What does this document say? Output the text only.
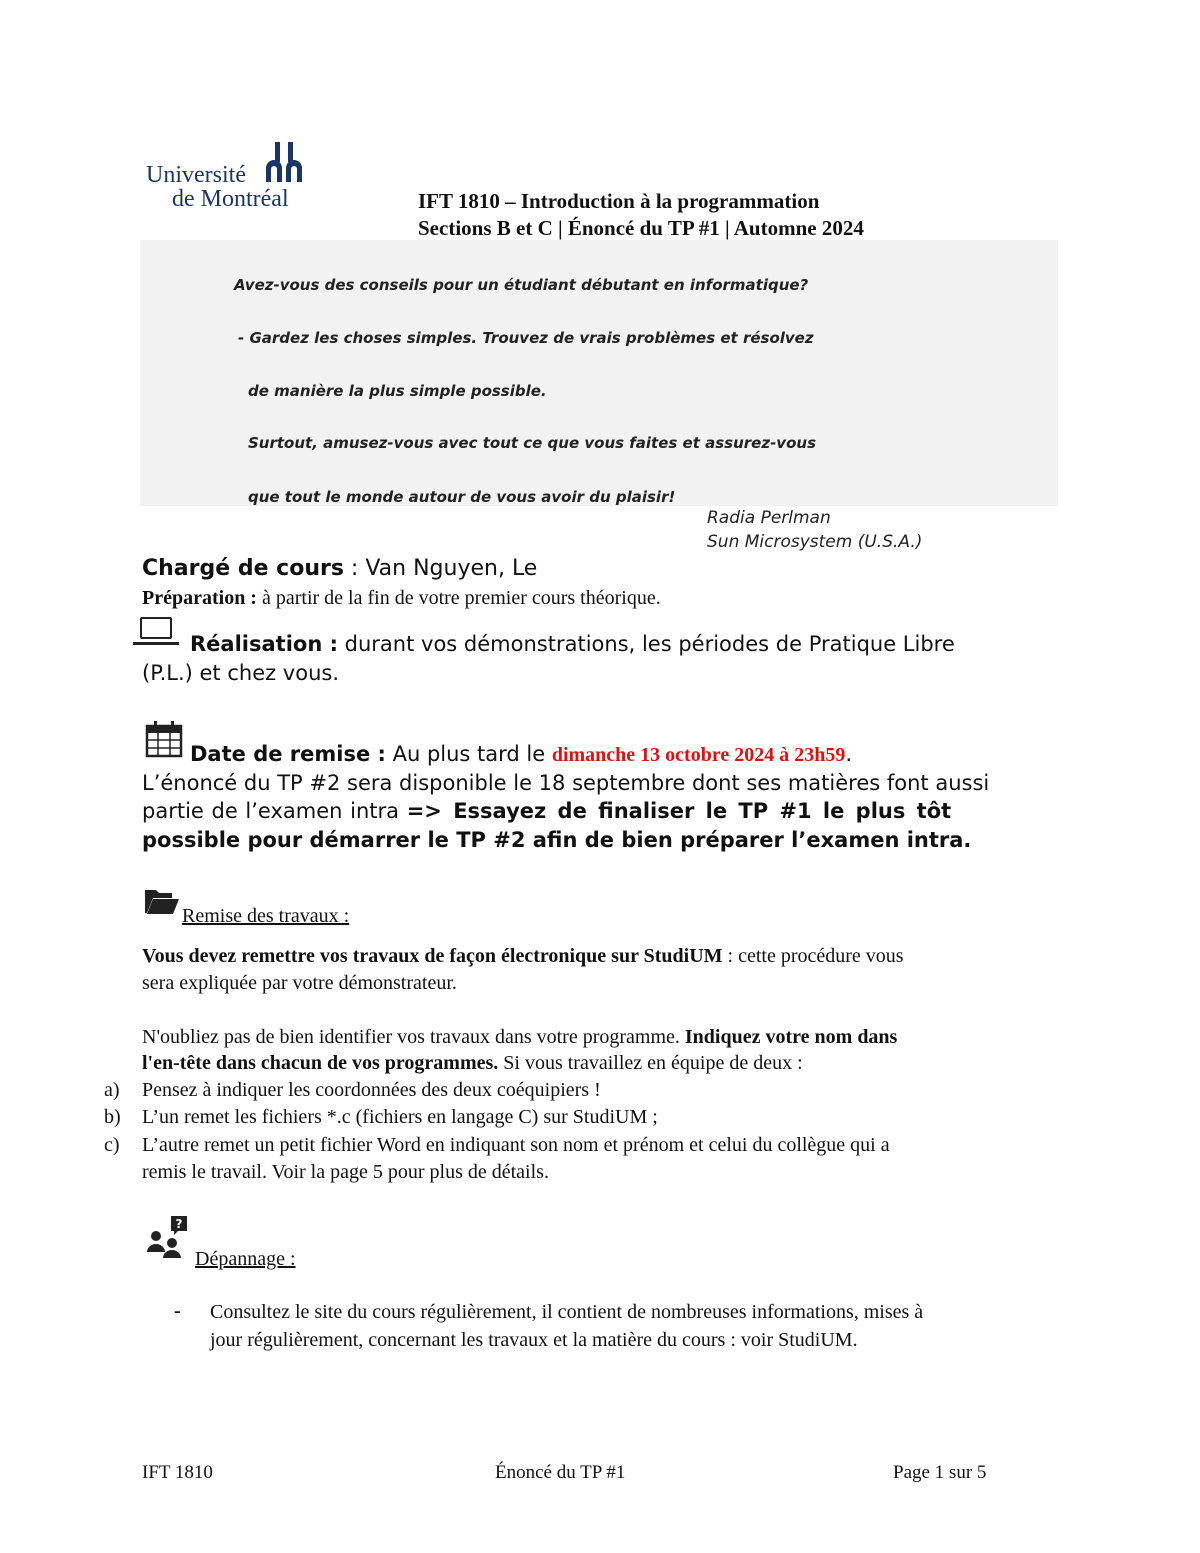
Université
de Montréal	IFT 1810 – Introduction à la programmation
Sections B et C | Énoncé du TP #1 | Automne 2024
Avez-vous des conseils pour un étudiant débutant en informatique?
- Gardez les choses simples. Trouvez de vrais problèmes et résolvez
de manière la plus simple possible.
Surtout, amusez-vous avec tout ce que vous faites et assurez-vous
que tout le monde autour de vous avoir du plaisir!
Radia Perlman
Sun Microsystem (U.S.A.)
Chargé de cours : Van Nguyen, Le
Préparation : à partir de la fin de votre premier cours théorique.
Réalisation : durant vos démonstrations, les périodes de Pratique Libre
(P.L.) et chez vous.
Date de remise : Au plus tard le dimanche 13 octobre 2024 à 23h59.
L’énoncé du TP #2 sera disponible le 18 septembre dont ses matières font aussi
partie de l’examen intra => Essayez de finaliser le TP #1 le plus tôt
possible pour démarrer le TP #2 afin de bien préparer l’examen intra.
Remise des travaux :
Vous devez remettre vos travaux de façon électronique sur StudiUM : cette procédure vous
sera expliquée par votre démonstrateur.
N'oubliez pas de bien identifier vos travaux dans votre programme. Indiquez votre nom dans
l'en-tête dans chacun de vos programmes. Si vous travaillez en équipe de deux :
a) Pensez à indiquer les coordonnées des deux coéquipiers !
b) L’un remet les fichiers *.c (fichiers en langage C) sur StudiUM ;
c) L’autre remet un petit fichier Word en indiquant son nom et prénom et celui du collègue qui a
remis le travail. Voir la page 5 pour plus de détails.
?
Dépannage :
- Consultez le site du cours régulièrement, il contient de nombreuses informations, mises à
jour régulièrement, concernant les travaux et la matière du cours : voir StudiUM.
IFT 1810	Énoncé du TP #1	Page 1 sur 5
